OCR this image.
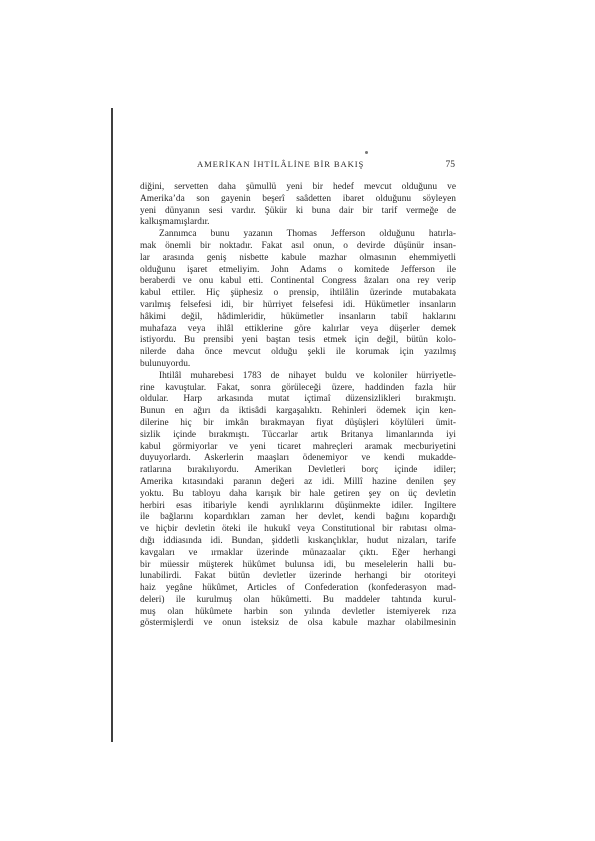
AMERİKAN İHTİLÂLİNE BİR BAKIŞ	75
diğini, servetten daha şümullü yeni bir hedef mevcut olduğunu ve
Amerika’da son gayenin beşerî saâdetten ibaret olduğunu söyleyen
yeni dünyanın sesi vardır. Şükür ki buna dair bir tarif vermeğe de
kalkışmamışlardır.
Zannımca bunu yazanın Thomas Jefferson olduğunu hatırla-
mak önemli bir noktadır. Fakat asıl onun, o devirde düşünür insan-
lar arasında geniş nisbette kabule mazhar olmasının ehemmiyetli
olduğunu işaret etmeliyim. John Adams o komitede Jefferson ile
beraberdi ve onu kabul etti. Continental Congress âzaları ona rey verip
kabul ettiler. Hiç şüphesiz o prensip, ihtilâlin üzerinde mutabakata
varılmış felsefesi idi, bir hürriyet felsefesi idi. Hükümetler insanların
hâkimi değil, hâdimleridir, hükümetler insanların tabiî haklarını
muhafaza veya ihlâl ettiklerine göre kalırlar veya düşerler demek
istiyordu. Bu prensibi yeni baştan tesis etmek için değil, bütün kolo-
nilerde daha önce mevcut olduğu şekli ile korumak için yazılmış
bulunuyordu.
İhtilâl muharebesi 1783 de nihayet buldu ve koloniler hürriyetle-
rine kavuştular. Fakat, sonra görüleceği üzere, haddinden fazla hür
oldular. Harp arkasında mutat içtimaî düzensizlikleri bırakmıştı.
Bunun en ağırı da iktisâdi kargaşalıktı. Rehinleri ödemek için ken-
dilerine hiç bir imkân bırakmayan fiyat düşüşleri köylüleri ümit-
sizlik içinde bırakmıştı. Tüccarlar artık Britanya limanlarında iyi
kabul görmiyorlar ve yeni ticaret mahreçleri aramak mecburiyetini
duyuyorlardı. Askerlerin maaşları ödenemiyor ve kendi mukadde-
ratlarına bırakılıyordu. Amerikan Devletleri borç içinde idiler;
Amerika kıtasındaki paranın değeri az idi. Millî hazine denilen şey
yoktu. Bu tabloyu daha karışık bir hale getiren şey on üç devletin
herbiri esas itibariyle kendi ayrılıklarını düşünmekte idiler. İngiltere
ile bağlarını kopardıkları zaman her devlet, kendi bağını kopardığı
ve hiçbir devletin öteki ile hukukî veya Constitutional bir rabıtası olma-
dığı iddiasında idi. Bundan, şiddetli kıskançlıklar, hudut nizaları, tarife
kavgaları ve ırmaklar üzerinde münazaalar çıktı. Eğer herhangi
bir müessir müşterek hükûmet bulunsa idi, bu meselelerin halli bu-
lunabilirdi. Fakat bütün devletler üzerinde herhangi bir otoriteyi
haiz yegâne hükûmet, Articles of Confederation (konfederasyon mad-
deleri) ile kurulmuş olan hükûmetti. Bu maddeler tahtında kurul-
muş olan hükûmete harbin son yılında devletler istemiyerek rıza
göstermişlerdi ve onun isteksiz de olsa kabule mazhar olabilmesinin
